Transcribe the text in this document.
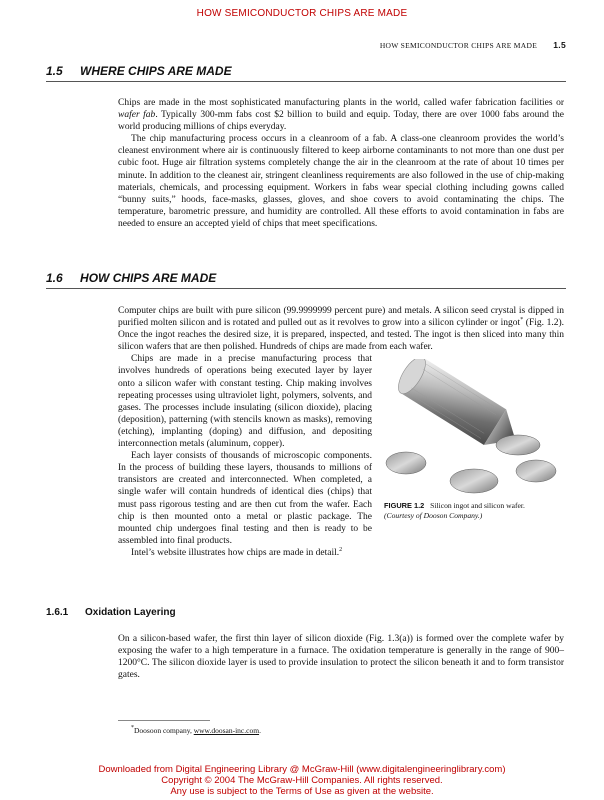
HOW SEMICONDUCTOR CHIPS ARE MADE
HOW SEMICONDUCTOR CHIPS ARE MADE 1.5
1.5 WHERE CHIPS ARE MADE

Chips are made in the most sophisticated manufacturing plants in the world, called wafer fabrication facilities or wafer fab. Typically 300-mm fabs cost $2 billion to build and equip. Today, there are over 1000 fabs around the world producing millions of chips everyday.

The chip manufacturing process occurs in a cleanroom of a fab. A class-one cleanroom provides the world’s cleanest environment where air is continuously filtered to keep airborne contaminants to not more than one dust per cubic foot. Huge air filtration systems completely change the air in the cleanroom at the rate of about 10 times per minute. In addition to the cleanest air, stringent cleanliness requirements are also followed in the use of chip-making materials, chemicals, and processing equipment. Workers in fabs wear special clothing including gowns called “bunny suits,” hoods, face-masks, glasses, gloves, and shoe covers to avoid contaminating the chips. The temperature, barometric pressure, and humidity are controlled. All these efforts to avoid contamination in fabs are needed to ensure an accepted yield of chips that meet specifications.

1.6 HOW CHIPS ARE MADE

Computer chips are built with pure silicon (99.9999999 percent pure) and metals. A silicon seed crystal is dipped in purified molten silicon and is rotated and pulled out as it revolves to grow into a silicon cylinder or ingot* (Fig. 1.2). Once the ingot reaches the desired size, it is prepared, inspected, and tested. The ingot is then sliced into many thin silicon wafers that are then polished. Hundreds of chips are made from each wafer.

FIGURE 1.2 Silicon ingot and silicon wafer.
(Courtesy of Dooson Company.)

Chips are made in a precise manufacturing process that involves hundreds of operations being executed layer by layer onto a silicon wafer with constant testing. Chip making involves repeating processes using ultraviolet light, polymers, solvents, and gases. The processes include insulating (silicon dioxide), placing (deposition), patterning (with stencils known as masks), removing (etching), implanting (doping) and diffusion, and depositing interconnection metals (aluminum, copper).

Each layer consists of thousands of microscopic components. In the process of building these layers, thousands to millions of transistors are created and interconnected. When completed, a single wafer will contain hundreds of identical dies (chips) that must pass rigorous testing and are then cut from the wafer. Each chip is then mounted onto a metal or plastic package. The mounted chip undergoes final testing and then is ready to be assembled into final products.

Intel’s website illustrates how chips are made in detail.$^2$

1.6.1 Oxidation Layering

On a silicon-based wafer, the first thin layer of silicon dioxide (Fig. 1.3(a)) is formed over the complete wafer by exposing the wafer to a high temperature in a furnace. The oxidation temperature is generally in the range of 900–1200°C. The silicon dioxide layer is used to provide insulation to protect the silicon beneath it and to form transistor gates.

*Doosoon company, www.doosan-inc.com.
Downloaded from Digital Engineering Library @ McGraw-Hill (www.digitalengineeringlibrary.com)
Copyright © 2004 The McGraw-Hill Companies. All rights reserved.
Any use is subject to the Terms of Use as given at the website.
